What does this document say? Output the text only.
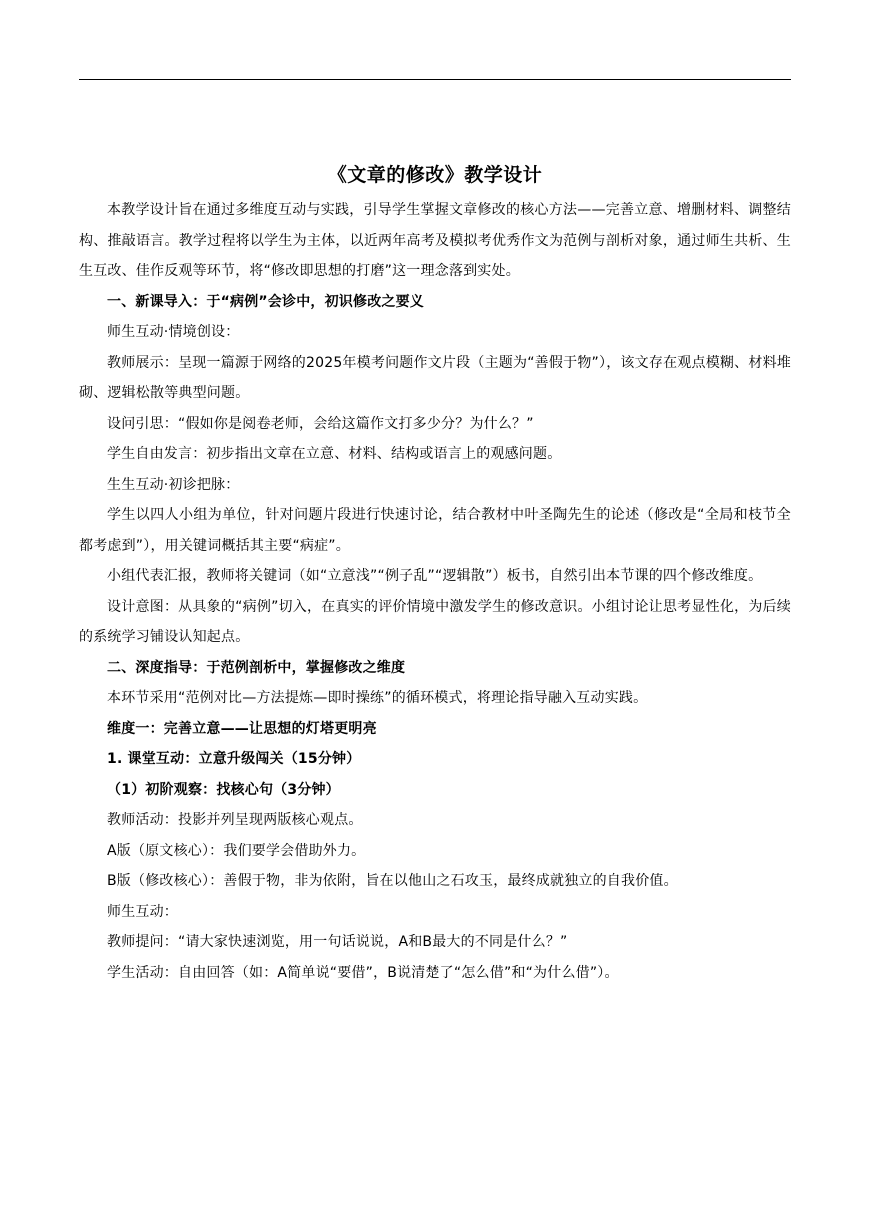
《文章的修改》教学设计

本教学设计旨在通过多维度互动与实践，引导学生掌握文章修改的核心方法——完善立意、增删材料、调整结构、推敲语言。教学过程将以学生为主体，以近两年高考及模拟考优秀作文为范例与剖析对象，通过师生共析、生生互改、佳作反观等环节，将“修改即思想的打磨”这一理念落到实处。

一、新课导入：于“病例”会诊中，初识修改之要义

师生互动·情境创设：

教师展示：呈现一篇源于网络的2025年模考问题作文片段（主题为“善假于物”），该文存在观点模糊、材料堆砌、逻辑松散等典型问题。

设问引思：“假如你是阅卷老师，会给这篇作文打多少分？为什么？”

学生自由发言：初步指出文章在立意、材料、结构或语言上的观感问题。

生生互动·初诊把脉：

学生以四人小组为单位，针对问题片段进行快速讨论，结合教材中叶圣陶先生的论述（修改是“全局和枝节全都考虑到”），用关键词概括其主要“病症”。

小组代表汇报，教师将关键词（如“立意浅”“例子乱”“逻辑散”）板书，自然引出本节课的四个修改维度。

设计意图：从具象的“病例”切入，在真实的评价情境中激发学生的修改意识。小组讨论让思考显性化，为后续的系统学习铺设认知起点。

二、深度指导：于范例剖析中，掌握修改之维度

本环节采用“范例对比—方法提炼—即时操练”的循环模式，将理论指导融入互动实践。

维度一：完善立意——让思想的灯塔更明亮

1. 课堂互动：立意升级闯关（15分钟）

（1）初阶观察：找核心句（3分钟）

教师活动：投影并列呈现两版核心观点。

A版（原文核心）：我们要学会借助外力。

B版（修改核心）：善假于物，非为依附，旨在以他山之石攻玉，最终成就独立的自我价值。

师生互动：

教师提问：“请大家快速浏览，用一句话说说，A和B最大的不同是什么？”

学生活动：自由回答（如：A简单说“要借”，B说清楚了“怎么借”和“为什么借”）。
